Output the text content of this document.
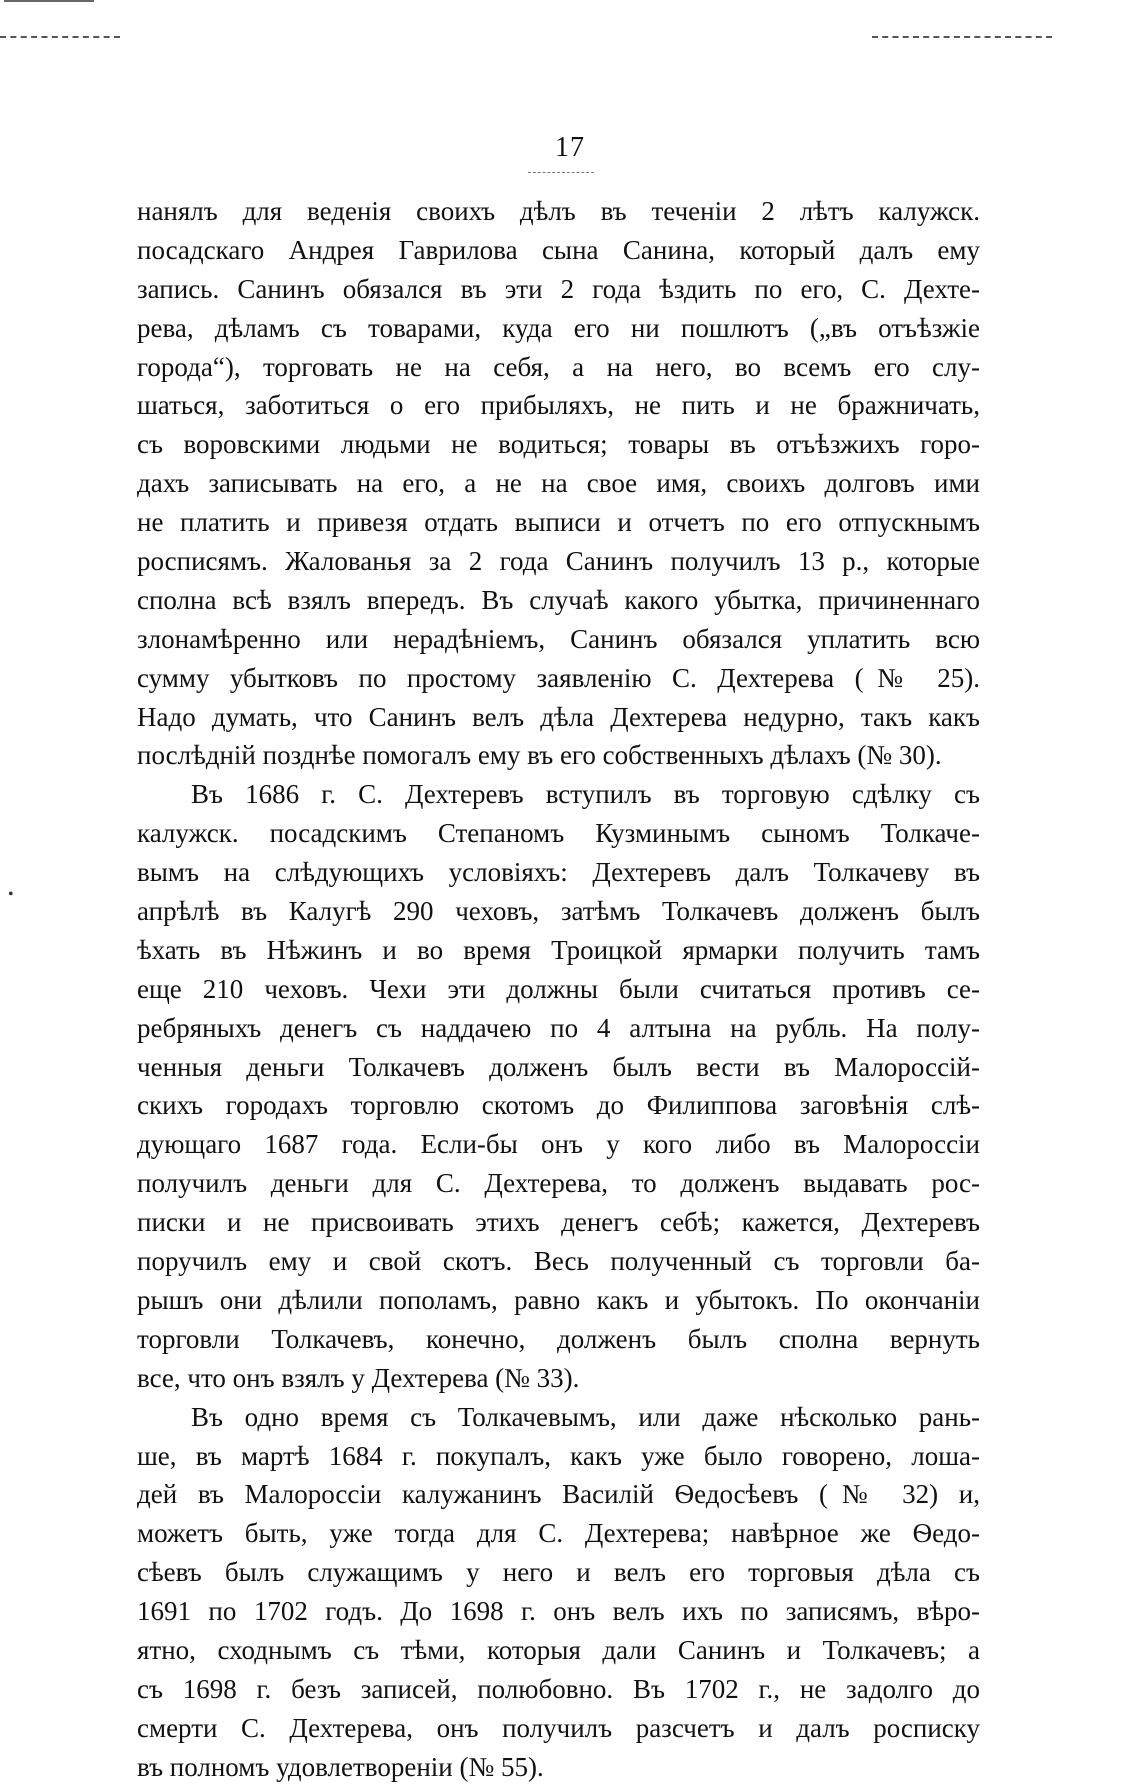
17
•
нанялъ для веденія своихъ дѣлъ въ теченіи 2 лѣтъ калужск.
посадскаго Андрея Гаврилова сына Санина, который далъ ему
запись. Санинъ обязался въ эти 2 года ѣздить по его, С. Дехте-
рева, дѣламъ съ товарами, куда его ни пошлютъ („въ отъѣзжіе
города“), торговать не на себя, а на него, во всемъ его слу-
шаться, заботиться о его прибыляхъ, не пить и не бражничать,
съ воровскими людьми не водиться; товары въ отъѣзжихъ горо-
дахъ записывать на его, а не на свое имя, своихъ долговъ ими
не платить и привезя отдать выписи и отчетъ по его отпускнымъ
росписямъ. Жалованья за 2 года Санинъ получилъ 13 р., которые
сполна всѣ взялъ впередъ. Въ случаѣ какого убытка, причиненнаго
злонамѣренно или нерадѣніемъ, Санинъ обязался уплатить всю
сумму убытковъ по простому заявленію С. Дехтерева (№ 25).
Надо думать, что Санинъ велъ дѣла Дехтерева недурно, такъ какъ
послѣдній позднѣе помогалъ ему въ его собственныхъ дѣлахъ (№ 30).
Въ 1686 г. С. Дехтеревъ вступилъ въ торговую сдѣлку съ
калужск. посадскимъ Степаномъ Кузминымъ сыномъ Толкаче-
вымъ на слѣдующихъ условіяхъ: Дехтеревъ далъ Толкачеву въ
апрѣлѣ въ Калугѣ 290 чеховъ, затѣмъ Толкачевъ долженъ былъ
ѣхать въ Нѣжинъ и во время Троицкой ярмарки получить тамъ
еще 210 чеховъ. Чехи эти должны были считаться противъ се-
ребряныхъ денегъ съ наддачею по 4 алтына на рубль. На полу-
ченныя деньги Толкачевъ долженъ былъ вести въ Малороссій-
скихъ городахъ торговлю скотомъ до Филиппова заговѣнія слѣ-
дующаго 1687 года. Если-бы онъ у кого либо въ Малороссіи
получилъ деньги для С. Дехтерева, то долженъ выдавать рос-
писки и не присвоивать этихъ денегъ себѣ; кажется, Дехтеревъ
поручилъ ему и свой скотъ. Весь полученный съ торговли ба-
рышъ они дѣлили пополамъ, равно какъ и убытокъ. По окончаніи
торговли Толкачевъ, конечно, долженъ былъ сполна вернуть
все, что онъ взялъ у Дехтерева (№ 33).
Въ одно время съ Толкачевымъ, или даже нѣсколько рань-
ше, въ мартѣ 1684 г. покупалъ, какъ уже было говорено, лоша-
дей въ Малороссіи калужанинъ Василій Ѳедосѣевъ (№ 32) и,
можетъ быть, уже тогда для С. Дехтерева; навѣрное же Ѳедо-
сѣевъ былъ служащимъ у него и велъ его торговыя дѣла съ
1691 по 1702 годъ. До 1698 г. онъ велъ ихъ по записямъ, вѣро-
ятно, сходнымъ съ тѣми, которыя дали Санинъ и Толкачевъ; а
съ 1698 г. безъ записей, полюбовно. Въ 1702 г., не задолго до
смерти С. Дехтерева, онъ получилъ разсчетъ и далъ росписку
въ полномъ удовлетвореніи (№ 55).
